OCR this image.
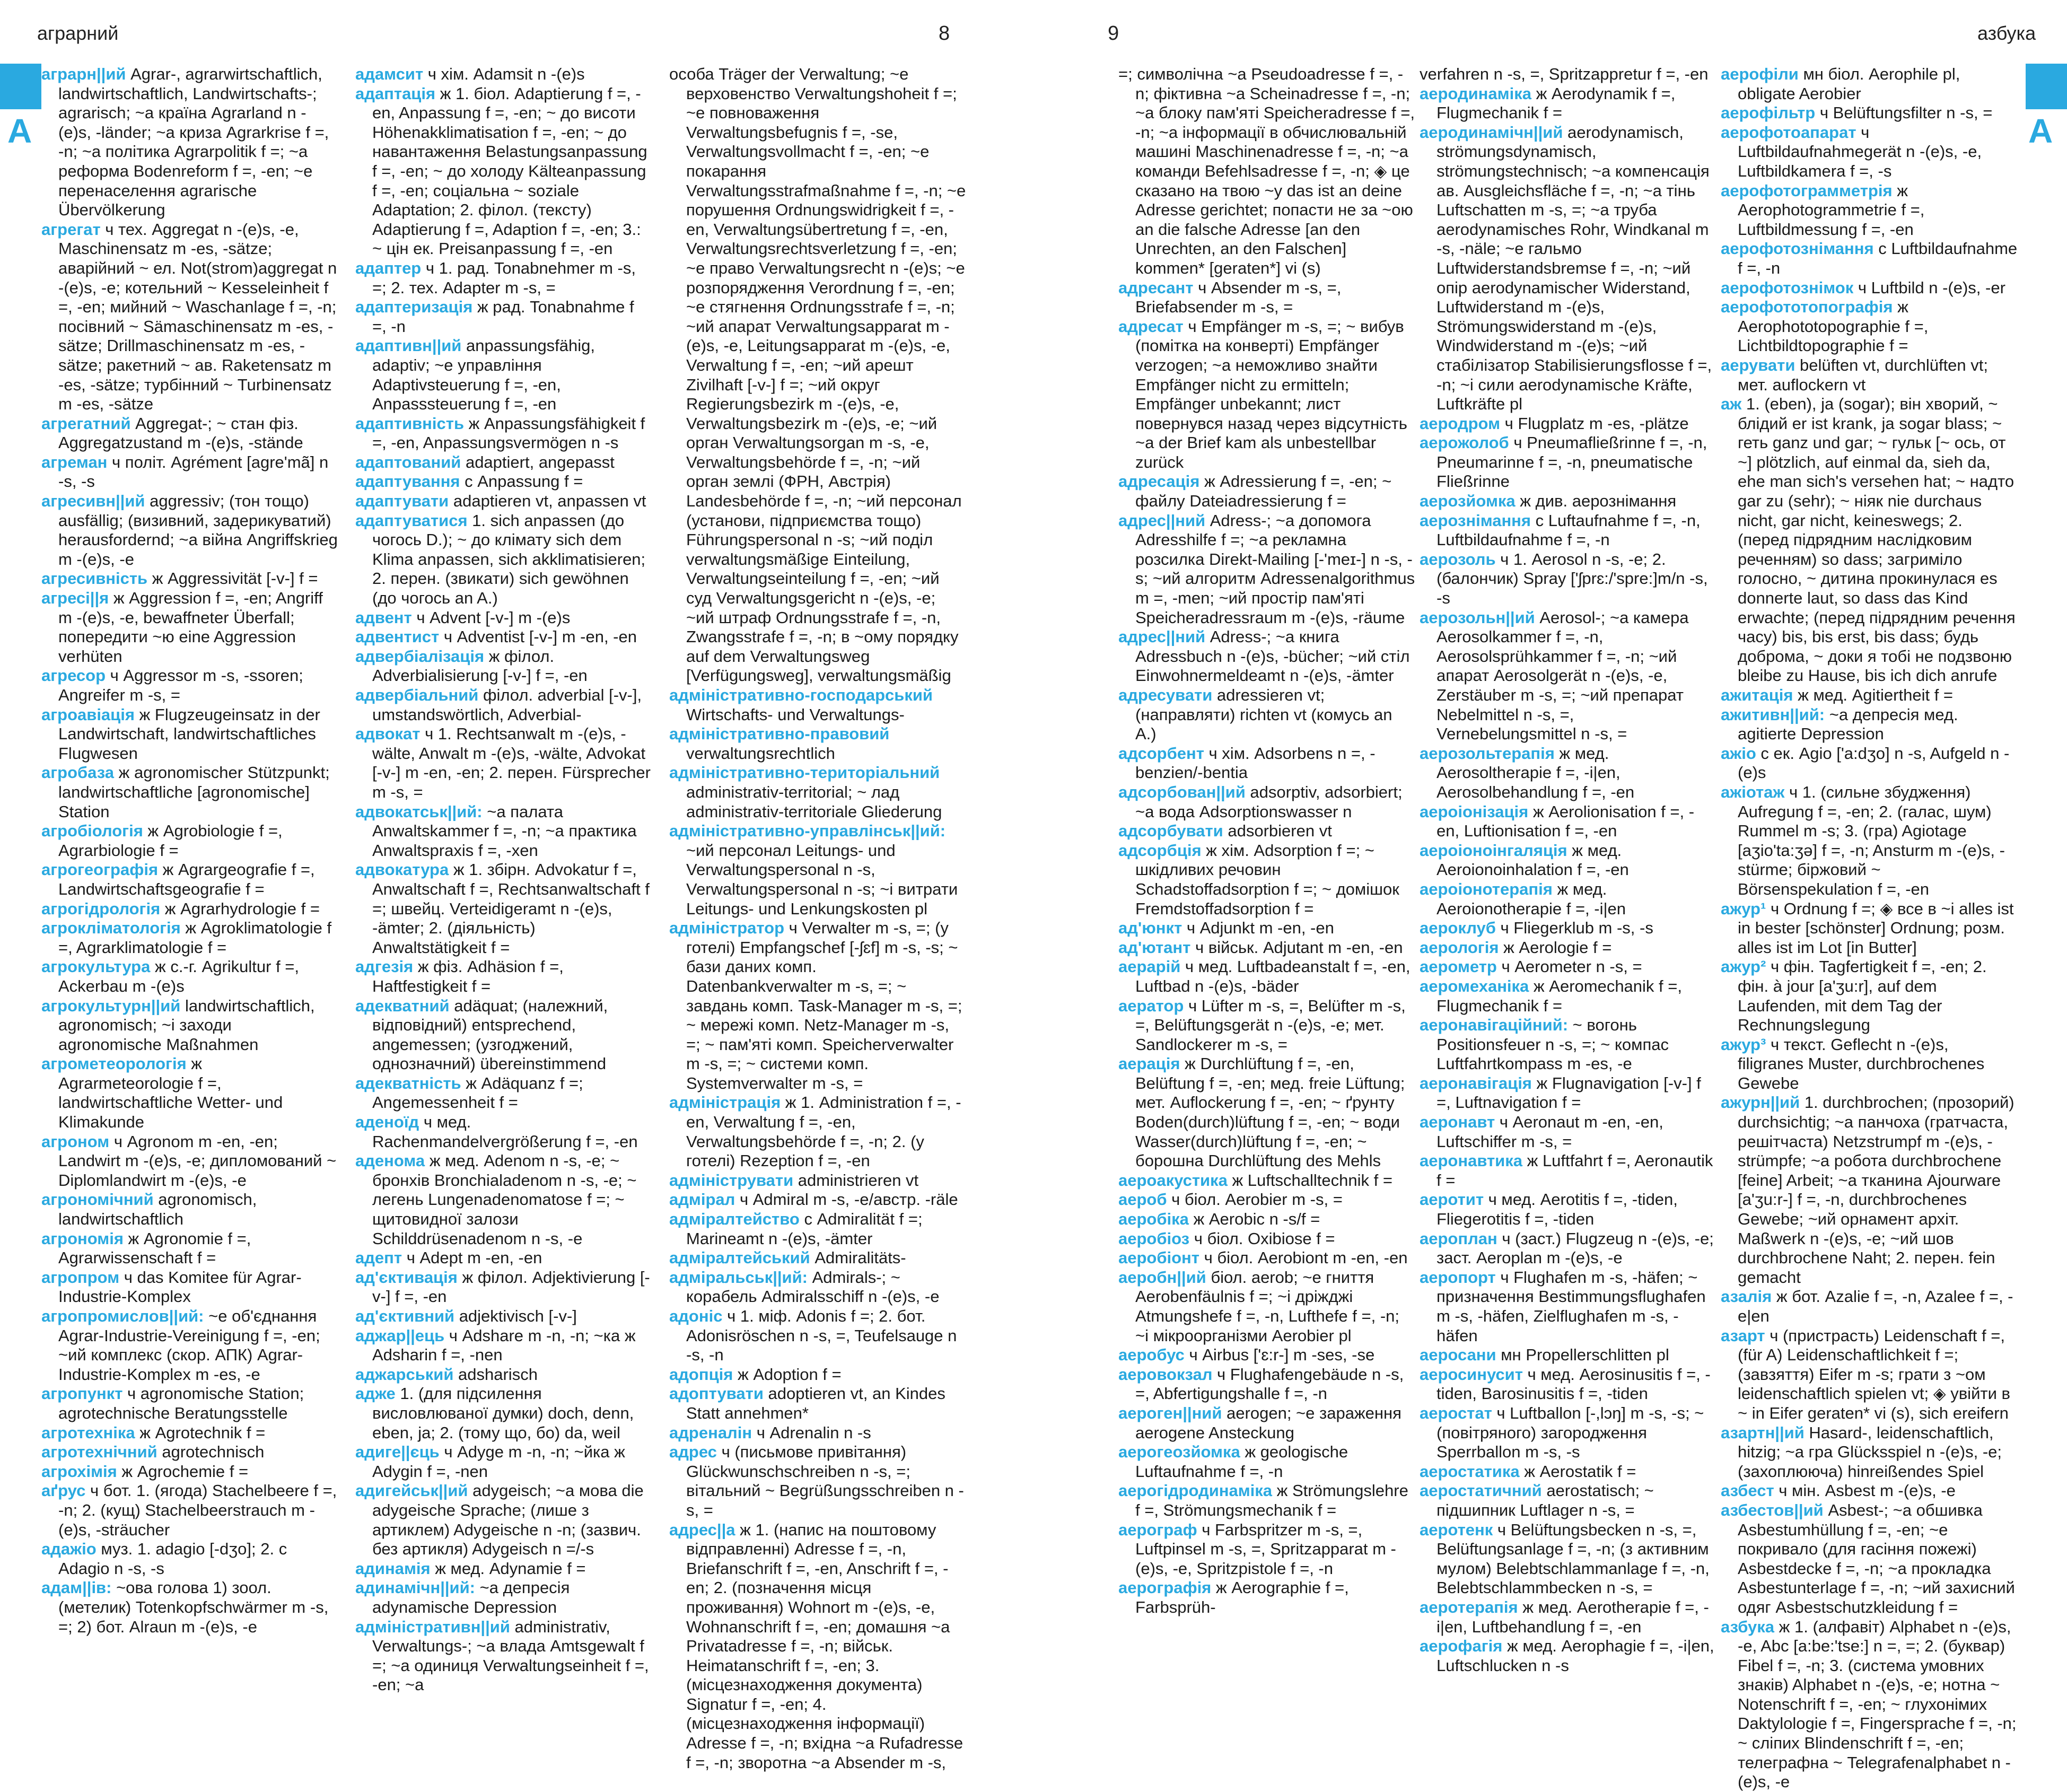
аграрний	8
А
аграрн||ий Agrar-, agrarwirtschaftlich, landwirtschaftlich, Landwirtschafts-; agrarisch; ~а країна Agrarland n -(e)s, -länder; ~а криза Agrarkrise f =, -n; ~а політика Agrarpolitik f =; ~а реформа Bodenreform f =, -en; ~е перенаселення agrarische Übervölkerung
агрегат ч тех. Aggregat n -(e)s, -e, Maschinensatz m -es, -sätze; аварійний ~ ел. Not(strom)aggregat n -(e)s, -e; котельний ~ Kesseleinheit f =, -en; мийний ~ Waschanlage f =, -n; посівний ~ Sämaschinensatz m -es, -sätze; Drillmaschinensatz m -es, -sätze; ракетний ~ ав. Raketensatz m -es, -sätze; турбінний ~ Turbinensatz m -es, -sätze
агрегатний Aggregat-; ~ стан фіз. Aggregatzustand m -(e)s, -stände
агреман ч політ. Agrément [agre'mã] n -s, -s
агресивн||ий aggressiv; (тон тощо) ausfällig; (визивний, задерикуватий) herausfordernd; ~а війна Angriffskrieg m -(e)s, -e
агресивність ж Aggressivität [-v-] f =
агресі||я ж Aggression f =, -en; Angriff m -(e)s, -e, bewaffneter Überfall; попередити ~ю eine Aggression verhüten
агресор ч Aggressor m -s, -ssoren; Angreifer m -s, =
агроавіація ж Flugzeugeinsatz in der Landwirtschaft, landwirtschaftliches Flugwesen
агробаза ж agronomischer Stützpunkt; landwirtschaftliche [agronomische] Station
агробіологія ж Agrobiologie f =, Agrarbiologie f =
агрогеографія ж Agrargeografie f =, Landwirtschaftsgeografie f =
агрогідрологія ж Agrarhydrologie f =
агрокліматологія ж Agroklimatologie f =, Agrarklimatologie f =
агрокультура ж с.-г. Agrikultur f =, Ackerbau m -(e)s
агрокультурн||ий landwirtschaftlich, agronomisch; ~і заходи agronomische Maßnahmen
агрометеорологія ж Agrarmeteorologie f =, landwirtschaftliche Wetter- und Klimakunde
агроном ч Agronom m -en, -en; Landwirt m -(e)s, -e; дипломований ~ Diplomlandwirt m -(e)s, -e
агрономічний agronomisch, landwirtschaftlich
агрономія ж Agronomie f =, Agrarwissenschaft f =
агропром ч das Komitee für Agrar-Industrie-Komplex
агропромислов||ий: ~е об'єднання Agrar-Industrie-Vereinigung f =, -en; ~ий комплекс (скор. АПК) Agrar-Industrie-Komplex m -es, -e
агропункт ч agronomische Station; agrotechnische Beratungsstelle
агротехніка ж Agrotechnik f =
агротехнічний agrotechnisch
агрохімія ж Agrochemie f =
аґрус ч бот. 1. (ягода) Stachelbeere f =, -n; 2. (кущ) Stachelbeerstrauch m -(e)s, -sträucher
адажіо муз. 1. adagio [-dʒo]; 2. с Adagio n -s, -s
адам||ів: ~ова голова 1) зоол. (метелик) Totenkopfschwärmer m -s, =; 2) бот. Alraun m -(e)s, -e
адамсит ч хім. Adamsit n -(e)s
адаптація ж 1. біол. Adaptierung f =, -en, Anpassung f =, -en; ~ до висоти Höhenakklimatisation f =, -en; ~ до навантаження Belastungsanpassung f =, -en; ~ до холоду Kälteanpassung f =, -en; соціальна ~ soziale Adaptation; 2. філол. (тексту) Adaptierung f =, Adaption f =, -en; 3.: ~ цін ек. Preisanpassung f =, -en
адаптер ч 1. рад. Tonabnehmer m -s, =; 2. тех. Adapter m -s, =
адаптеризація ж рад. Tonabnahme f =, -n
адаптивн||ий anpassungsfähig, adaptiv; ~е управління Adaptivsteuerung f =, -en, Anpasssteuerung f =, -en
адаптивність ж Anpassungsfähigkeit f =, -en, Anpassungsvermögen n -s
адаптований adaptiert, angepasst
адаптування с Anpassung f =
адаптувати adaptieren vt, anpassen vt
адаптуватися 1. sich anpassen (до чогось D.); ~ до клімату sich dem Klima anpassen, sich akklimatisieren; 2. перен. (звикати) sich gewöhnen (до чогось an A.)
адвент ч Advent [-v-] m -(e)s
адвентист ч Adventist [-v-] m -en, -en
адвербіалізація ж філол. Adverbialisierung [-v-] f =, -en
адвербіальний філол. adverbial [-v-], umstandswörtlich, Adverbial-
адвокат ч 1. Rechtsanwalt m -(e)s, -wälte, Anwalt m -(e)s, -wälte, Advokat [-v-] m -en, -en; 2. перен. Fürsprecher m -s, =
адвокатськ||ий: ~а палата Anwaltskammer f =, -n; ~а практика Anwaltspraxis f =, -xen
адвокатура ж 1. збірн. Advokatur f =, Anwaltschaft f =, Rechtsanwaltschaft f =; швейц. Verteidigeramt n -(e)s, -ämter; 2. (діяльність) Anwaltstätigkeit f =
адгезія ж фіз. Adhäsion f =, Haftfestigkeit f =
адекватний adäquat; (належний, відповідний) entsprechend, angemessen; (узгоджений, однозначний) übereinstimmend
адекватність ж Adäquanz f =; Angemessenheit f =
аденоїд ч мед. Rachenmandelvergrößerung f =, -en
аденома ж мед. Adenom n -s, -e; ~ бронхів Bronchialadenom n -s, -e; ~ легень Lungenadenomatose f =; ~ щитовидної залози Schilddrüsenadenom n -s, -e
адепт ч Adept m -en, -en
ад'єктивація ж філол. Adjektivierung [-v-] f =, -en
ад'єктивний adjektivisch [-v-]
аджар||ець ч Adshare m -n, -n; ~ка ж Adsharin f =, -nen
аджарський adsharisch
адже 1. (для підсилення висловлюваної думки) doch, denn, eben, ja; 2. (тому що, бо) da, weil
адиге||єць ч Adyge m -n, -n; ~йка ж Adygin f =, -nen
адигейськ||ий adygeisch; ~а мова die adygeische Sprache; (лише з артиклем) Adygeische n -n; (зазвич. без артикля) Adygeisch n =/-s
адинамія ж мед. Adynamie f =
адинамічн||ий: ~а депресія adynamische Depression
адміністративн||ий administrativ, Verwaltungs-; ~а влада Amtsgewalt f =; ~а одиниця Verwaltungseinheit f =, -en; ~а
особа Träger der Verwaltung; ~е верховенство Verwaltungshoheit f =; ~е повноваження Verwaltungsbefugnis f =, -se, Verwaltungsvollmacht f =, -en; ~е покарання Verwaltungsstrafmaßnahme f =, -n; ~е порушення Ordnungswidrigkeit f =, -en, Verwaltungsübertretung f =, -en, Verwaltungsrechtsverletzung f =, -en; ~е право Verwaltungsrecht n -(e)s; ~е розпорядження Verordnung f =, -en; ~е стягнення Ordnungsstrafe f =, -n; ~ий апарат Verwaltungsapparat m -(e)s, -e, Leitungsapparat m -(e)s, -e, Verwaltung f =, -en; ~ий арешт Zivilhaft [-v-] f =; ~ий округ Regierungsbezirk m -(e)s, -e, Verwaltungsbezirk m -(e)s, -e; ~ий орган Verwaltungsorgan m -s, -e, Verwaltungsbehörde f =, -n; ~ий орган землі (ФРН, Австрія) Landesbehörde f =, -n; ~ий персонал (установи, підприємства тощо) Führungspersonal n -s; ~ий поділ verwaltungsmäßige Einteilung, Verwaltungseinteilung f =, -en; ~ий суд Verwaltungsgericht n -(e)s, -e; ~ий штраф Ordnungsstrafe f =, -n, Zwangsstrafe f =, -n; в ~ому порядку auf dem Verwaltungsweg [Verfügungsweg], verwaltungsmäßig
адміністративно-господарський Wirtschafts- und Verwaltungs-
адміністративно-правовий verwaltungsrechtlich
адміністративно-територіальний administrativ-territorial; ~ лад administrativ-territoriale Gliederung
адміністративно-управлінськ||ий: ~ий персонал Leitungs- und Verwaltungspersonal n -s, Verwaltungspersonal n -s; ~і витрати Leitungs- und Lenkungskosten pl
адміністратор ч Verwalter m -s, =; (у готелі) Empfangschef [-ʃɛf] m -s, -s; ~ бази даних комп. Datenbankverwalter m -s, =; ~ завдань комп. Task-Manager m -s, =; ~ мережі комп. Netz-Manager m -s, =; ~ пам'яті комп. Speicherverwalter m -s, =; ~ системи комп. Systemverwalter m -s, =
адміністрація ж 1. Administration f =, -en, Verwaltung f =, -en, Verwaltungsbehörde f =, -n; 2. (у готелі) Rezeption f =, -en
адмініструвати administrieren vt
адмірал ч Admiral m -s, -e/австр. -räle
адміралтейство с Admiralität f =; Marineamt n -(e)s, -ämter
адміралтейський Admiralitäts-
адміральськ||ий: Admirals-; ~ корабель Admiralsschiff n -(e)s, -e
адоніс ч 1. міф. Adonis f =; 2. бот. Adonisröschen n -s, =, Teufelsauge n -s, -n
адопція ж Adoption f =
адоптувати adoptieren vt, an Kindes Statt annehmen*
адреналін ч Adrenalin n -s
адрес ч (письмове привітання) Glückwunschschreiben n -s, =; вітальний ~ Begrüßungsschreiben n -s, =
адрес||а ж 1. (напис на поштовому відправленні) Adresse f =, -n, Briefanschrift f =, -en, Anschrift f =, -en; 2. (позначення місця проживання) Wohnort m -(e)s, -e, Wohnanschrift f =, -en; домашня ~а Privatadresse f =, -n; військ. Heimatanschrift f =, -en; 3. (місцезнаходження документа) Signatur f =, -en; 4. (місцезнаходження інформації) Adresse f =, -n; вхідна ~а Rufadresse f =, -n; зворотна ~а Absender m -s,
9	азбука
А
=; символічна ~а Pseudoadresse f =, -n; фіктивна ~а Scheinadresse f =, -n; ~а блоку пам'яті Speicheradresse f =, -n; ~а інформації в обчислювальній машині Maschinenadresse f =, -n; ~а команди Befehlsadresse f =, -n; ◈ це сказано на твою ~у das ist an deine Adresse gerichtet; попасти не за ~ою an die falsche Adresse [an den Unrechten, an den Falschen] kommen* [geraten*] vi (s)
адресант ч Absender m -s, =, Briefabsender m -s, =
адресат ч Empfänger m -s, =; ~ вибув (помітка на конверті) Empfänger verzogen; ~а неможливо знайти Empfänger nicht zu ermitteln; Empfänger unbekannt; лист повернувся назад через відсутність ~а der Brief kam als unbestellbar zurück
адресація ж Adressierung f =, -en; ~ файлу Dateiadressierung f =
адрес||ний Adress-; ~а допомога Adresshilfe f =; ~а рекламна розсилка Direkt-Mailing [-'meɪ-] n -s, -s; ~ий алгоритм Adressenalgorithmus m =, -men; ~ий простір пам'яті Speicheradressraum m -(e)s, -räume
адрес||ний Adress-; ~а книга Adressbuch n -(e)s, -bücher; ~ий стіл Einwohnermeldeamt n -(e)s, -ämter
адресувати adressieren vt; (направляти) richten vt (комусь an A.)
адсорбент ч хім. Adsorbens n =, -benzien/-bentia
адсорбован||ий adsorptiv, adsorbiert; ~а вода Adsorptionswasser n
адсорбувати adsorbieren vt
адсорбція ж хім. Adsorption f =; ~ шкідливих речовин Schadstoffadsorption f =; ~ домішок Fremdstoffadsorption f =
ад'юнкт ч Adjunkt m -en, -en
ад'ютант ч військ. Adjutant m -en, -en
аерарій ч мед. Luftbadeanstalt f =, -en, Luftbad n -(e)s, -bäder
аератор ч Lüfter m -s, =, Belüfter m -s, =, Belüftungsgerät n -(e)s, -e; мет. Sandlockerer m -s, =
аерація ж Durchlüftung f =, -en, Belüftung f =, -en; мед. freie Lüftung; мет. Auflockerung f =, -en; ~ ґрунту Boden(durch)lüftung f =, -en; ~ води Wasser(durch)lüftung f =, -en; ~ борошна Durchlüftung des Mehls
аероакустика ж Luftschalltechnik f =
аероб ч біол. Aerobier m -s, =
аеробіка ж Aerobic n -s/f =
аеробіоз ч біол. Oxibiose f =
аеробіонт ч біол. Aerobiont m -en, -en
аеробн||ий біол. aerob; ~е гниття Aerobenfäulnis f =; ~і дріжджі Atmungshefe f =, -n, Lufthefe f =, -n; ~і мікроорганізми Aerobier pl
аеробус ч Airbus ['ɛ:r-] m -ses, -se
аеровокзал ч Flughafengebäude n -s, =, Abfertigungshalle f =, -n
аероген||ний aerogen; ~е зараження aerogene Ansteckung
аерогеозйомка ж geologische Luftaufnahme f =, -n
аерогідродинаміка ж Strömungslehre f =, Strömungsmechanik f =
аерограф ч Farbspritzer m -s, =, Luftpinsel m -s, =, Spritzapparat m -(e)s, -e, Spritzpistole f =, -n
аерографія ж Aerographie f =, Farbsprüh-
verfahren n -s, =, Spritzappretur f =, -en
аеродинаміка ж Aerodynamik f =, Flugmechanik f =
аеродинамічн||ий aerodynamisch, strömungsdynamisch, strömungstechnisch; ~а компенсація ав. Ausgleichsfläche f =, -n; ~а тінь Luftschatten m -s, =; ~а труба aerodynamisches Rohr, Windkanal m -s, -näle; ~е гальмо Luftwiderstandsbremse f =, -n; ~ий опір aerodynamischer Widerstand, Luftwiderstand m -(e)s, Strömungswiderstand m -(e)s, Windwiderstand m -(e)s; ~ий стабілізатор Stabilisierungsflosse f =, -n; ~і сили aerodynamische Kräfte, Luftkräfte pl
аеродром ч Flugplatz m -es, -plätze
аерожолоб ч Pneumafließrinne f =, -n, Pneumarinne f =, -n, pneumatische Fließrinne
аерозйомка ж див. аерознімання
аерознімання с Luftaufnahme f =, -n, Luftbildaufnahme f =, -n
аерозоль ч 1. Aerosol n -s, -e; 2. (балончик) Spray ['ʃprɛ:/'spre:]m/n -s, -s
аерозольн||ий Aerosol-; ~а камера Aerosolkammer f =, -n, Aerosolsprühkammer f =, -n; ~ий апарат Aerosolgerät n -(e)s, -e, Zerstäuber m -s, =; ~ий препарат Nebelmittel n -s, =, Vernebelungsmittel n -s, =
аерозольтерапія ж мед. Aerosoltherapie f =, -i|en, Aerosolbehandlung f =, -en
аероіонізація ж Aerolionisation f =, -en, Luftionisation f =, -en
аероіоноінгаляція ж мед. Aeroionoinhalation f =, -en
аероіонотерапія ж мед. Aeroionotherapie f =, -i|en
аероклуб ч Fliegerklub m -s, -s
аерологія ж Aerologie f =
аерометр ч Aerometer n -s, =
аеромеханіка ж Aeromechanik f =, Flugmechanik f =
аеронавігаційний: ~ вогонь Positionsfeuer n -s, =; ~ компас Luftfahrtkompass m -es, -e
аеронавігація ж Flugnavigation [-v-] f =, Luftnavigation f =
аеронавт ч Aeronaut m -en, -en, Luftschiffer m -s, =
аеронавтика ж Luftfahrt f =, Aeronautik f =
аеротит ч мед. Aerotitis f =, -tiden, Fliegerotitis f =, -tiden
аероплан ч (заст.) Flugzeug n -(e)s, -e; заст. Aeroplan m -(e)s, -e
аеропорт ч Flughafen m -s, -häfen; ~ призначення Bestimmungsflughafen m -s, -häfen, Zielflughafen m -s, -häfen
аеросани мн Propellerschlitten pl
аеросинусит ч мед. Aerosinusitis f =, -tiden, Barosinusitis f =, -tiden
аеростат ч Luftballon [-,lɔŋ] m -s, -s; ~ (повітряного) загородження Sperrballon m -s, -s
аеростатика ж Aerostatik f =
аеростатичний aerostatisch; ~ підшипник Luftlager n -s, =
аеротенк ч Belüftungsbecken n -s, =, Belüftungsanlage f =, -n; (з активним мулом) Belebtschlammanlage f =, -n, Belebtschlammbecken n -s, =
аеротерапія ж мед. Aerotherapie f =, -i|en, Luftbehandlung f =, -en
аерофагія ж мед. Aerophagie f =, -i|en, Luftschlucken n -s
аерофіли мн біол. Aerophile pl, obligate Aerobier
аерофільтр ч Belüftungsfilter n -s, =
аерофотоапарат ч Luftbildaufnahmegerät n -(e)s, -e, Luftbildkamera f =, -s
аерофотограмметрія ж Aerophotogrammetrie f =, Luftbildmessung f =, -en
аерофотознімання с Luftbildaufnahme f =, -n
аерофотознімок ч Luftbild n -(e)s, -er
аерофототопографія ж Aerophototopographie f =, Lichtbildtopographie f =
аерувати belüften vt, durchlüften vt; мет. auflockern vt
аж 1. (eben), ja (sogar); він хворий, ~ блідий er ist krank, ja sogar blass; ~ геть ganz und gar; ~ гульк [~ ось, от ~] plötzlich, auf einmal da, sieh da, ehe man sich's versehen hat; ~ надто gar zu (sehr); ~ ніяк nie durchaus nicht, gar nicht, keineswegs; 2. (перед підрядним наслідковим реченням) so dass; загриміло голосно, ~ дитина прокинулася es donnerte laut, so dass das Kind erwachte; (перед підрядним речення часу) bis, bis erst, bis dass; будь доброма, ~ доки я тобі не подзвоню bleibe zu Hause, bis ich dich anrufe
ажитація ж мед. Agitiertheit f =
ажитивн||ий: ~а депресія мед. agitierte Depression
ажіо с ек. Agio ['a:dʒo] n -s, Aufgeld n -(e)s
ажіотаж ч 1. (сильне збудження) Aufregung f =, -en; 2. (галас, шум) Rummel m -s; 3. (гра) Agiotage [aʒio'ta:ʒə] f =, -n; Ansturm m -(e)s, -stürme; біржовий ~ Börsenspekulation f =, -en
ажур¹ ч Ordnung f =; ◈ все в ~і alles ist in bester [schönster] Ordnung; розм. alles ist im Lot [in Butter]
ажур² ч фін. Tagfertigkeit f =, -en; 2. фін. à jour [a'ʒu:r], auf dem Laufenden, mit dem Tag der Rechnungslegung
ажур³ ч текст. Geflecht n -(e)s, filigranes Muster, durchbrochenes Gewebe
ажурн||ий 1. durchbrochen; (прозорий) durchsichtig; ~а панчоха (гратчаста, решітчаста) Netzstrumpf m -(e)s, -strümpfe; ~а робота durchbrochene [feine] Arbeit; ~а тканина Ajourware [a'ʒu:r-] f =, -n, durchbrochenes Gewebe; ~ий орнамент архіт. Maßwerk n -(e)s, -e; ~ий шов durchbrochene Naht; 2. перен. fein gemacht
азалія ж бот. Azalie f =, -n, Azalee f =, -e|en
азарт ч (пристрасть) Leidenschaft f =, (für A) Leidenschaftlichkeit f =; (завзяття) Eifer m -s; грати з ~ом leidenschaftlich spielen vt; ◈ увійти в ~ in Eifer geraten* vi (s), sich ereifern
азартн||ий Hasard-, leidenschaftlich, hitzig; ~а гра Glücksspiel n -(e)s, -e; (захоплююча) hinreißendes Spiel
азбест ч мін. Asbest m -(e)s, -e
азбестов||ий Asbest-; ~а обшивка Asbestumhüllung f =, -en; ~е покривало (для гасіння пожежі) Asbestdecke f =, -n; ~а прокладка Asbestunterlage f =, -n; ~ий захисний одяг Asbestschutzkleidung f =
азбука ж 1. (алфавіт) Alphabet n -(e)s, -e, Abc [a:be:'tse:] n =, =; 2. (буквар) Fibel f =, -n; 3. (система умовних знаків) Alphabet n -(e)s, -e; нотна ~ Notenschrift f =, -en; ~ глухонімих Daktylologie f =, Fingersprache f =, -n; ~ сліпих Blindenschrift f =, -en; телеграфна ~ Telegrafenalphabet n -(e)s, -e
